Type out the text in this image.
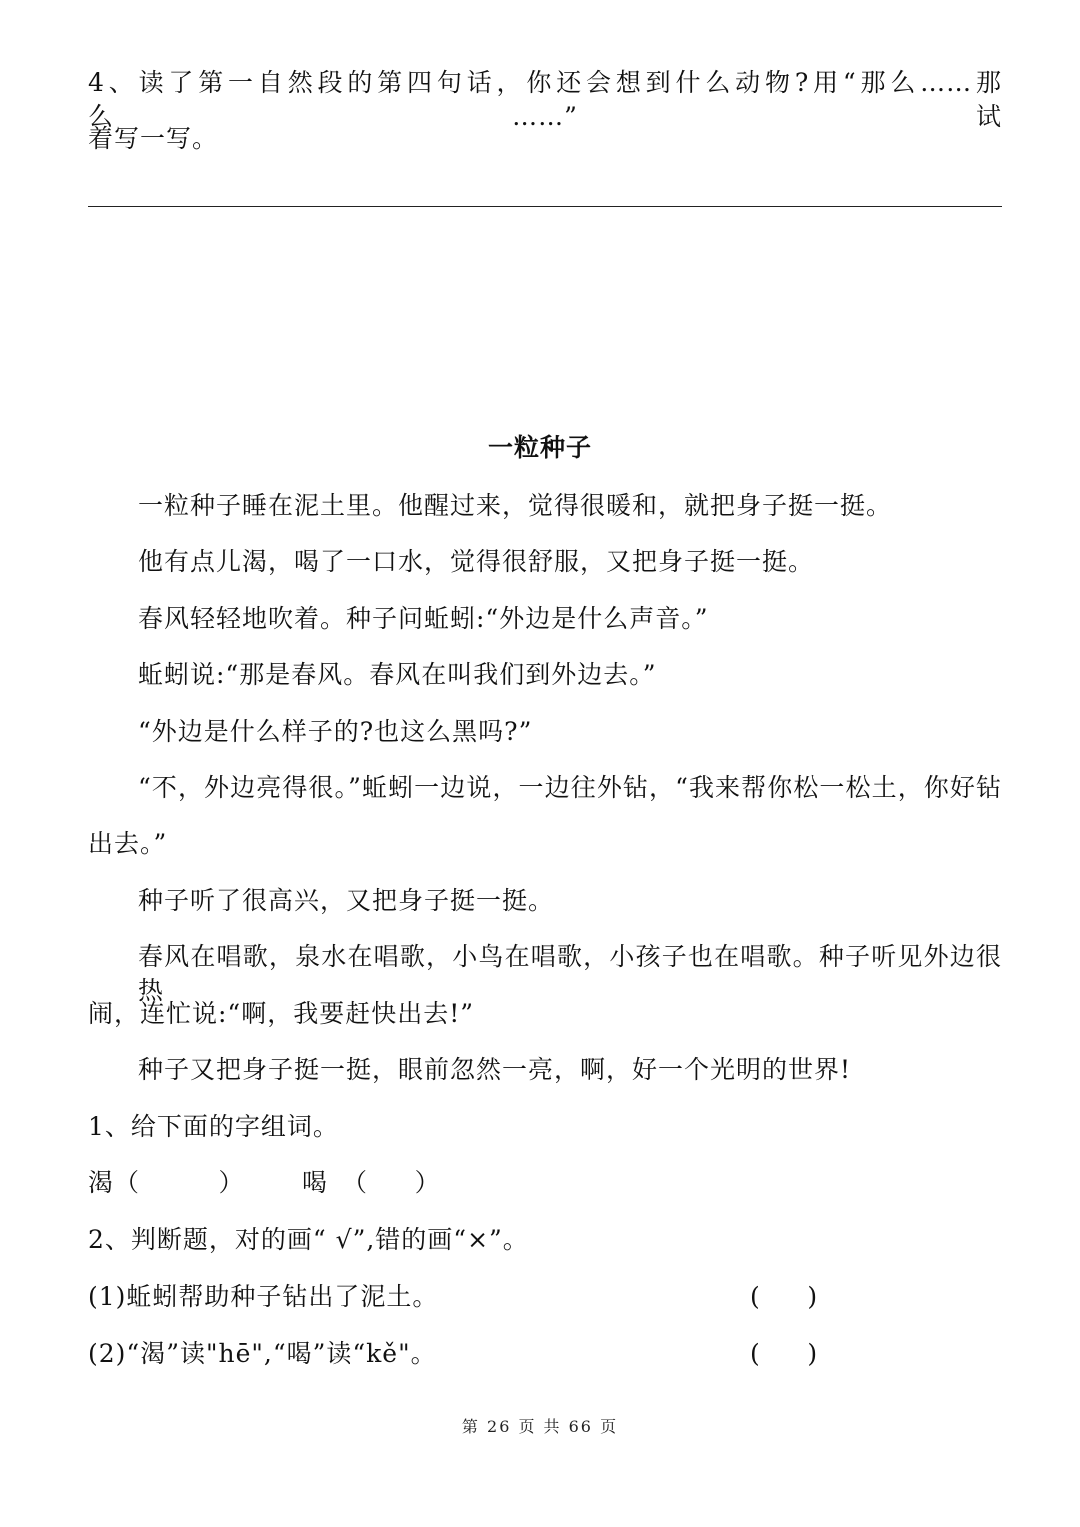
4、读了第一自然段的第四句话，你还会想到什么动物?用“那么……那么……”试
着写一写。
一粒种子
一粒种子睡在泥土里。他醒过来，觉得很暖和，就把身子挺一挺。
他有点儿渴，喝了一口水，觉得很舒服，又把身子挺一挺。
春风轻轻地吹着。种子问蚯蚓:“外边是什么声音。”
蚯蚓说:“那是春风。春风在叫我们到外边去。”
“外边是什么样子的?也这么黑吗?”
“不，外边亮得很。”蚯蚓一边说，一边往外钻，“我来帮你松一松土，你好钻
出去。”
种子听了很高兴，又把身子挺一挺。
春风在唱歌，泉水在唱歌，小鸟在唱歌，小孩子也在唱歌。种子听见外边很热
闹，连忙说:“啊，我要赶快出去!”
种子又把身子挺一挺，眼前忽然一亮，啊，好一个光明的世界!
1、给下面的字组词。
渴 （          ） 喝 （      ）
2、判断题，对的画“ √”,错的画“×”。
(1)蚯蚓帮助种子钻出了泥土。	(      )
(2)“渴”读"hē",“喝”读“kě"。	(      )
第 26 页 共 66 页
